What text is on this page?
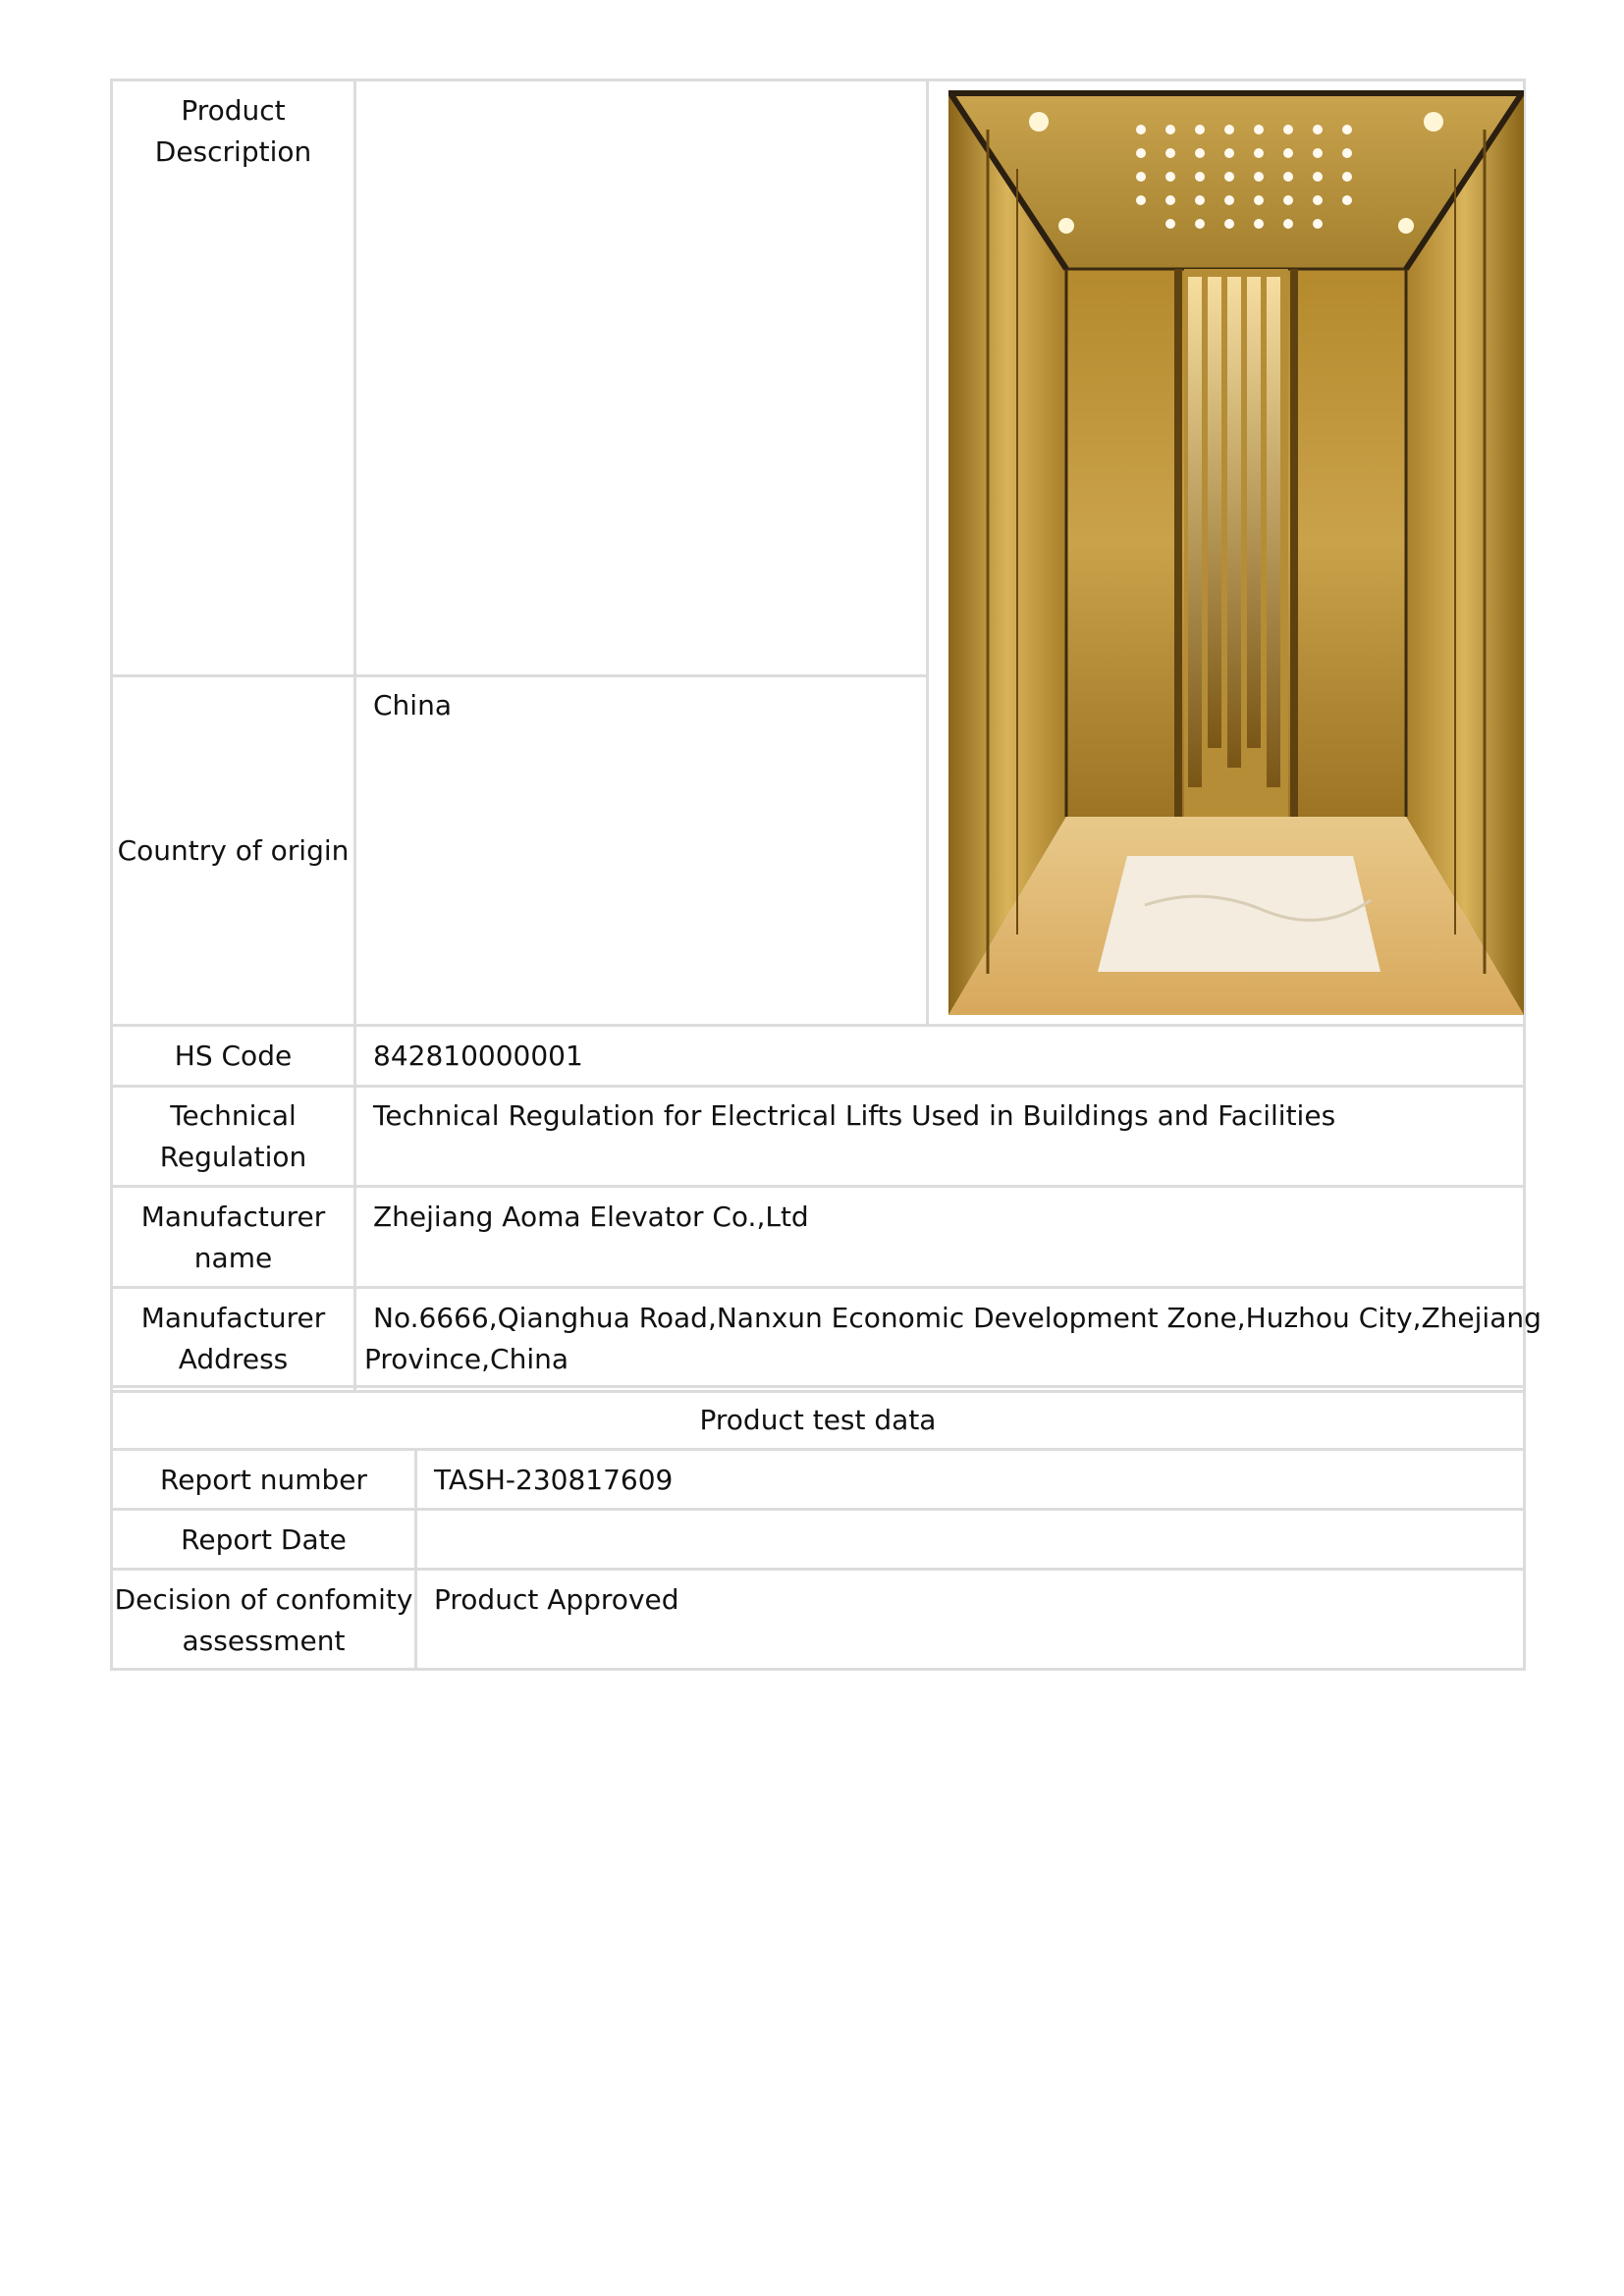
Product
Description
Country of origin
China
HS Code	842810000001
Technical
Regulation
Technical Regulation for Electrical Lifts Used in Buildings and Facilities
Manufacturer
name
Zhejiang Aoma Elevator Co.,Ltd
Manufacturer
Address
No.6666,Qianghua Road,Nanxun Economic Development Zone,Huzhou City,Zhejiang
Province,China
Product test data
Report number	TASH-230817609
Report Date
Decision of confomity
assessment
Product Approved
